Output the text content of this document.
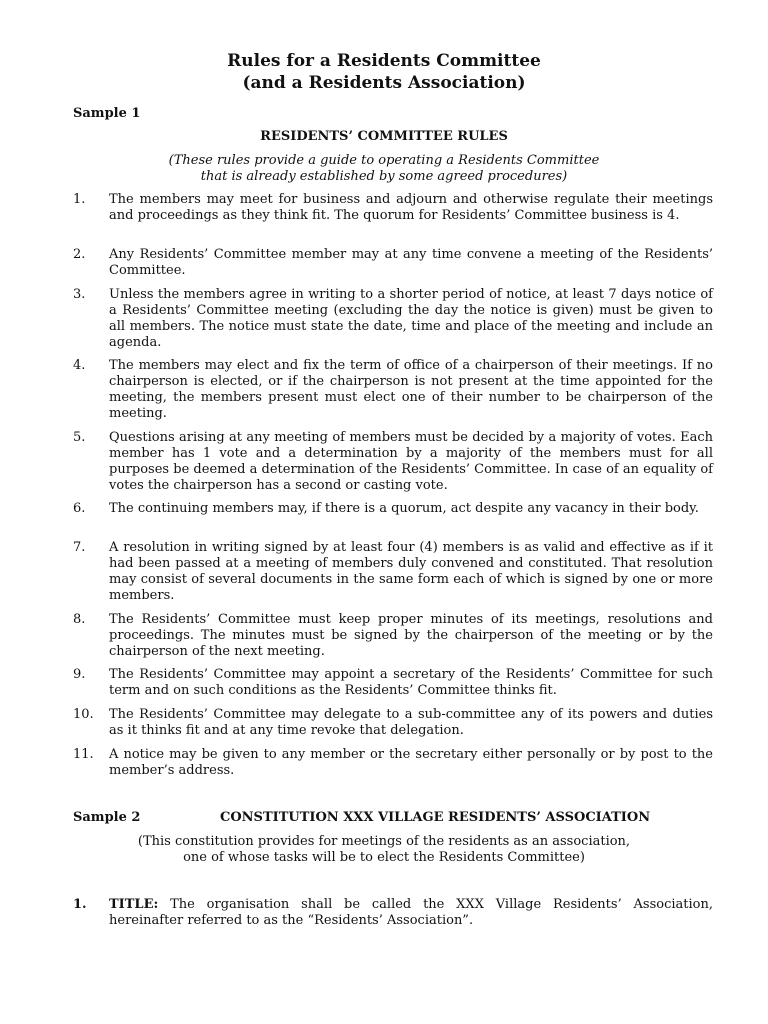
Rules for a Residents Committee
(and a Residents Association)
Sample 1
RESIDENTS’ COMMITTEE RULES
(These rules provide a guide to operating a Residents Committee
that is already established by some agreed procedures)
1.	The members may meet for business and adjourn and otherwise regulate their meetings and proceedings as they think fit. The quorum for Residents’ Committee business is 4.
2.	Any Residents’ Committee member may at any time convene a meeting of the Residents’ Committee.
3.	Unless the members agree in writing to a shorter period of notice, at least 7 days notice of a Residents’ Committee meeting (excluding the day the notice is given) must be given to all members. The notice must state the date, time and place of the meeting and include an agenda.
4.	The members may elect and fix the term of office of a chairperson of their meetings. If no chairperson is elected, or if the chairperson is not present at the time appointed for the meeting, the members present must elect one of their number to be chairperson of the meeting.
5.	Questions arising at any meeting of members must be decided by a majority of votes. Each member has 1 vote and a determination by a majority of the members must for all purposes be deemed a determination of the Residents’ Committee. In case of an equality of votes the chairperson has a second or casting vote.
6.	The continuing members may, if there is a quorum, act despite any vacancy in their body.
7.	A resolution in writing signed by at least four (4) members is as valid and effective as if it had been passed at a meeting of members duly convened and constituted. That resolution may consist of several documents in the same form each of which is signed by one or more members.
8.	The Residents’ Committee must keep proper minutes of its meetings, resolutions and proceedings. The minutes must be signed by the chairperson of the meeting or by the chairperson of the next meeting.
9.	The Residents’ Committee may appoint a secretary of the Residents’ Committee for such term and on such conditions as the Residents’ Committee thinks fit.
10.	The Residents’ Committee may delegate to a sub-committee any of its powers and duties as it thinks fit and at any time revoke that delegation.
11.	A notice may be given to any member or the secretary either personally or by post to the member’s address.
Sample 2	CONSTITUTION XXX VILLAGE RESIDENTS’ ASSOCIATION
(This constitution provides for meetings of the residents as an association,
one of whose tasks will be to elect the Residents Committee)
1.	TITLE: The organisation shall be called the XXX Village Residents’ Association, hereinafter referred to as the “Residents’ Association”.
